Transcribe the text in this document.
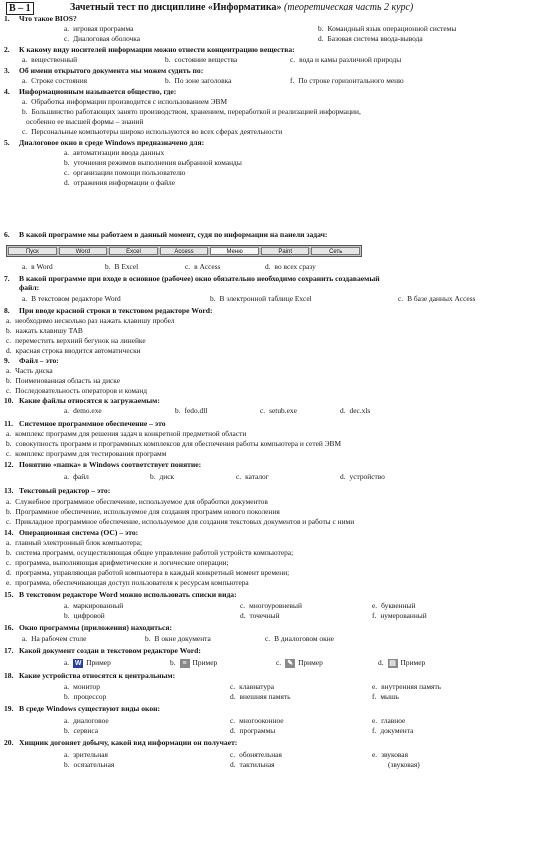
В – 1	Зачетный тест по дисциплине «Информатика» (теоретическая часть 2 курс)
1. Что такое BIOS?
a. игровая программа	b. Командный язык операционной системы
c. Диалоговая оболочка	d. Базовая система ввода-вывода
2. К какому виду носителей информации можно отнести концентрацию вещества:
a. вещественный	b. состояние вещества	c. вода и камы различной природы
3. Об имени открытого документа мы можем судить по:
a. Строке состояния	b. По зоне заголовка	f. По строке горизонтального меню
4. Информационным называется общество, где:
a. Обработка информации производится с использованием ЭВМ
b. Большинство работающих занято производством, хранением, переработкой и реализацией информации,
особенно ее высшей формы – знаний
c. Персональные компьютеры широко используются во всех сферах деятельности
5. Диалоговое окно в среде Windows предназначено для:
a. автоматизации ввода данных
b. уточнения режимов выполнения выбранной команды
c. организации помощи пользователю
d. отражения информации о файле
6. В какой программе мы работаем в данный момент, судя по информации на панели задач:
Пуск	Word	Excel	Access	Меню	Paint	Сеть
a. в Word	b. В Excel	c. в Access	d. во всех сразу
7. В какой программе при входе в основное (рабочее) окно обязательно необходимо сохранить создаваемый
файл:
a. В текстовом редакторе Word	b. В электронной таблице Excel	c. В базе данных Access
8. При вводе красной строки в текстовом редакторе Word:
a. необходимо несколько раз нажать клавишу пробел
b. нажать клавишу TAB
c. переместить верхний бегунок на линейке
d. красная строка вводится автоматически
9. Файл – это:
a. Часть диска
b. Поименованная область на диске
c. Последовательность операторов и команд
10. Какие файлы относятся к загружаемым:
a. demo.exe	b. fedo.dll	c. setub.exe	d. dec.xls
11. Системное программное обеспечение – это
a. комплекс программ для решения задач в конкретной предметной области
b. совокупность программ и программных комплексов для обеспечения работы компьютера и сетей ЭВМ
c. комплекс программ для тестирования программ
12. Понятию «папка» в Windows соответствует понятие:
a. файл	b. диск	c. каталог	d. устройство
13. Текстовый редактор – это:
a. Служебное программное обеспечение, используемое для обработки документов
b. Программное обеспечение, используемое для создания программ нового поколения
c. Прикладное программное обеспечение, используемое для создания текстовых документов и работы с ними
14. Операционная система (ОС) – это:
a. главный электронный блок компьютера;
b. система программ, осуществляющая общее управление работой устройств компьютера;
c. программа, выполняющая арифметические и логические операции;
d. программа, управляющая работой компьютера в каждый конкретный момент времени;
e. программа, обеспечивающая доступ пользователя к ресурсам компьютера
15. В текстовом редакторе Word можно использовать списки вида:
a. маркированный	c. многоуровневый	e. буквенный
b. цифровой	d. точечный	f. нумерованный
16. Окно программы (приложения) находиться:
a. На рабочем столе	b. В окне документа	c. В диалоговом окне
17. Какой документ создан в текстовом редакторе Word:
a. W Пример	b. ≡ Пример	c. ✎ Пример	d. ▤ Пример
18. Какие устройства относятся к центральным:
a. монитор	c. клавиатура	e. внутренняя память
b. процессор	d. внешняя память	f. мышь
19. В среде Windows существуют виды окон:
a. диалоговое	c. многооконное	e. главное
b. сервиса	d. программы	f. документа
20. Хищник догоняет добычу, какой вид информации он получает:
a. зрительная	c. обонятельная	e. звуковая
b. осязательная	d. тактильная	(звуковая)
